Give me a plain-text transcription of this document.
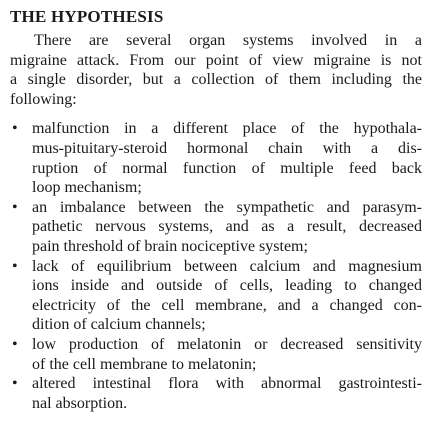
THE HYPOTHESIS
There are several organ systems involved in a
migraine attack. From our point of view migraine is not
a single disorder, but a collection of them including the
following:
• malfunction in a different place of the hypothala-
mus-pituitary-steroid hormonal chain with a dis-
ruption of normal function of multiple feed back
loop mechanism;
• an imbalance between the sympathetic and parasym-
pathetic nervous systems, and as a result, decreased
pain threshold of brain nociceptive system;
• lack of equilibrium between calcium and magnesium
ions inside and outside of cells, leading to changed
electricity of the cell membrane, and a changed con-
dition of calcium channels;
• low production of melatonin or decreased sensitivity
of the cell membrane to melatonin;
• altered intestinal flora with abnormal gastrointesti-
nal absorption.
